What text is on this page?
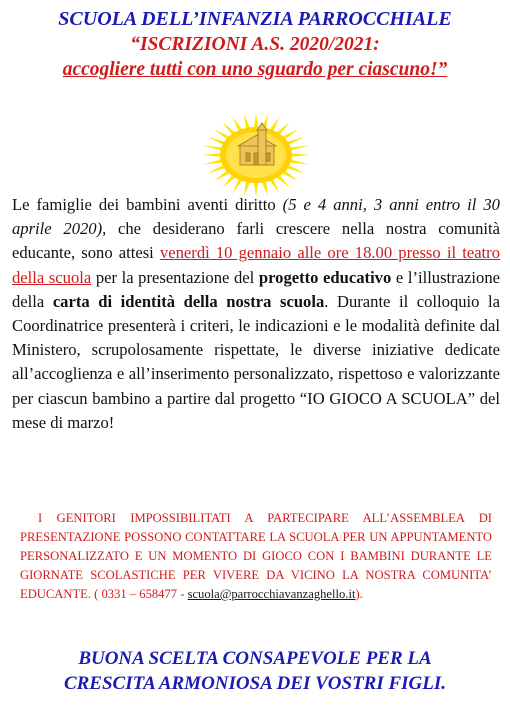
SCUOLA DELL’INFANZIA PARROCCHIALE
“ISCRIZIONI A.S. 2020/2021:
accogliere tutti con uno sguardo per ciascuno!”
Le famiglie dei bambini aventi diritto (5 e 4 anni, 3 anni entro il 30 aprile 2020), che desiderano farli crescere nella nostra comunità educante, sono attesi venerdì 10 gennaio alle ore 18.00 presso il teatro della scuola per la presentazione del progetto educativo e l’illustrazione della carta di identità della nostra scuola. Durante il colloquio la Coordinatrice presenterà i criteri, le indicazioni e le modalità definite dal Ministero, scrupolosamente rispettate, le diverse iniziative dedicate all’accoglienza e all’inserimento personalizzato, rispettoso e valorizzante per ciascun bambino a partire dal progetto “IO GIOCO A SCUOLA” del mese di marzo!
I GENITORI IMPOSSIBILITATI A PARTECIPARE ALL’ASSEMBLEA DI PRESENTAZIONE POSSONO CONTATTARE LA SCUOLA PER UN APPUNTAMENTO PERSONALIZZATO E UN MOMENTO DI GIOCO CON I BAMBINI DURANTE LE GIORNATE SCOLASTICHE PER VIVERE DA VICINO LA NOSTRA COMUNITA’ EDUCANTE. ( 0331 – 658477 - scuola@parrocchiavanzaghello.it).
BUONA SCELTA CONSAPEVOLE PER LA
CRESCITA ARMONIOSA DEI VOSTRI FIGLI.
